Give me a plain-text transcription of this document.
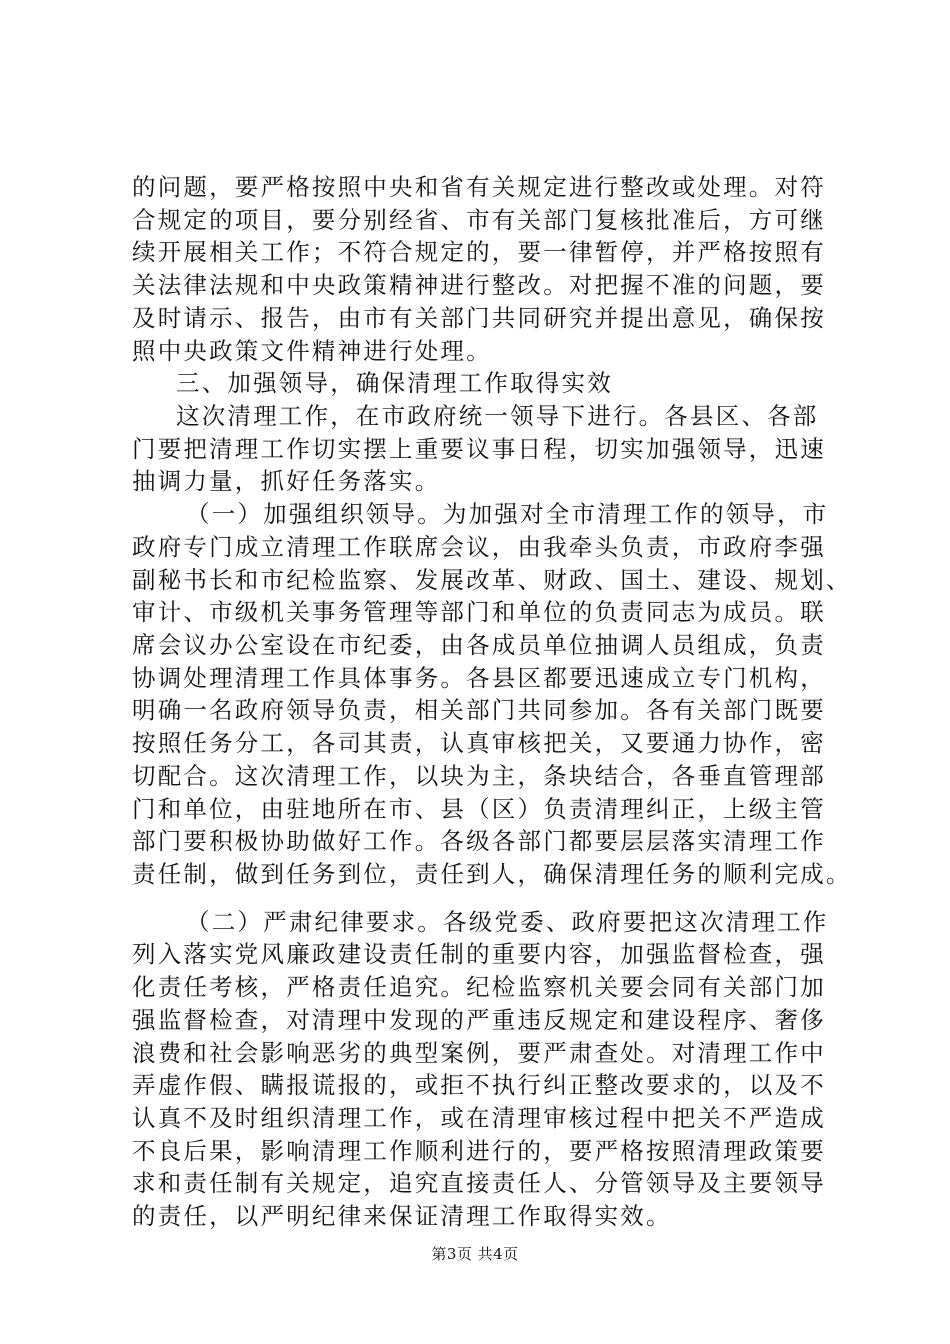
的问题，要严格按照中央和省有关规定进行整改或处理。对符
合规定的项目，要分别经省、市有关部门复核批准后，方可继
续开展相关工作；不符合规定的，要一律暂停，并严格按照有
关法律法规和中央政策精神进行整改。对把握不准的问题，要
及时请示、报告，由市有关部门共同研究并提出意见，确保按
照中央政策文件精神进行处理。
三、加强领导，确保清理工作取得实效
这次清理工作，在市政府统一领导下进行。各县区、各部
门要把清理工作切实摆上重要议事日程，切实加强领导，迅速
抽调力量，抓好任务落实。
（一）加强组织领导。为加强对全市清理工作的领导，市
政府专门成立清理工作联席会议，由我牵头负责，市政府李强
副秘书长和市纪检监察、发展改革、财政、国土、建设、规划、
审计、市级机关事务管理等部门和单位的负责同志为成员。联
席会议办公室设在市纪委，由各成员单位抽调人员组成，负责
协调处理清理工作具体事务。各县区都要迅速成立专门机构，
明确一名政府领导负责，相关部门共同参加。各有关部门既要
按照任务分工，各司其责，认真审核把关，又要通力协作，密
切配合。这次清理工作，以块为主，条块结合，各垂直管理部
门和单位，由驻地所在市、县（区）负责清理纠正，上级主管
部门要积极协助做好工作。各级各部门都要层层落实清理工作
责任制，做到任务到位，责任到人，确保清理任务的顺利完成。
（二）严肃纪律要求。各级党委、政府要把这次清理工作
列入落实党风廉政建设责任制的重要内容，加强监督检查，强
化责任考核，严格责任追究。纪检监察机关要会同有关部门加
强监督检查，对清理中发现的严重违反规定和建设程序、奢侈
浪费和社会影响恶劣的典型案例，要严肃查处。对清理工作中
弄虚作假、瞒报谎报的，或拒不执行纠正整改要求的，以及不
认真不及时组织清理工作，或在清理审核过程中把关不严造成
不良后果，影响清理工作顺利进行的，要严格按照清理政策要
求和责任制有关规定，追究直接责任人、分管领导及主要领导
的责任，以严明纪律来保证清理工作取得实效。
第3页 共4页
